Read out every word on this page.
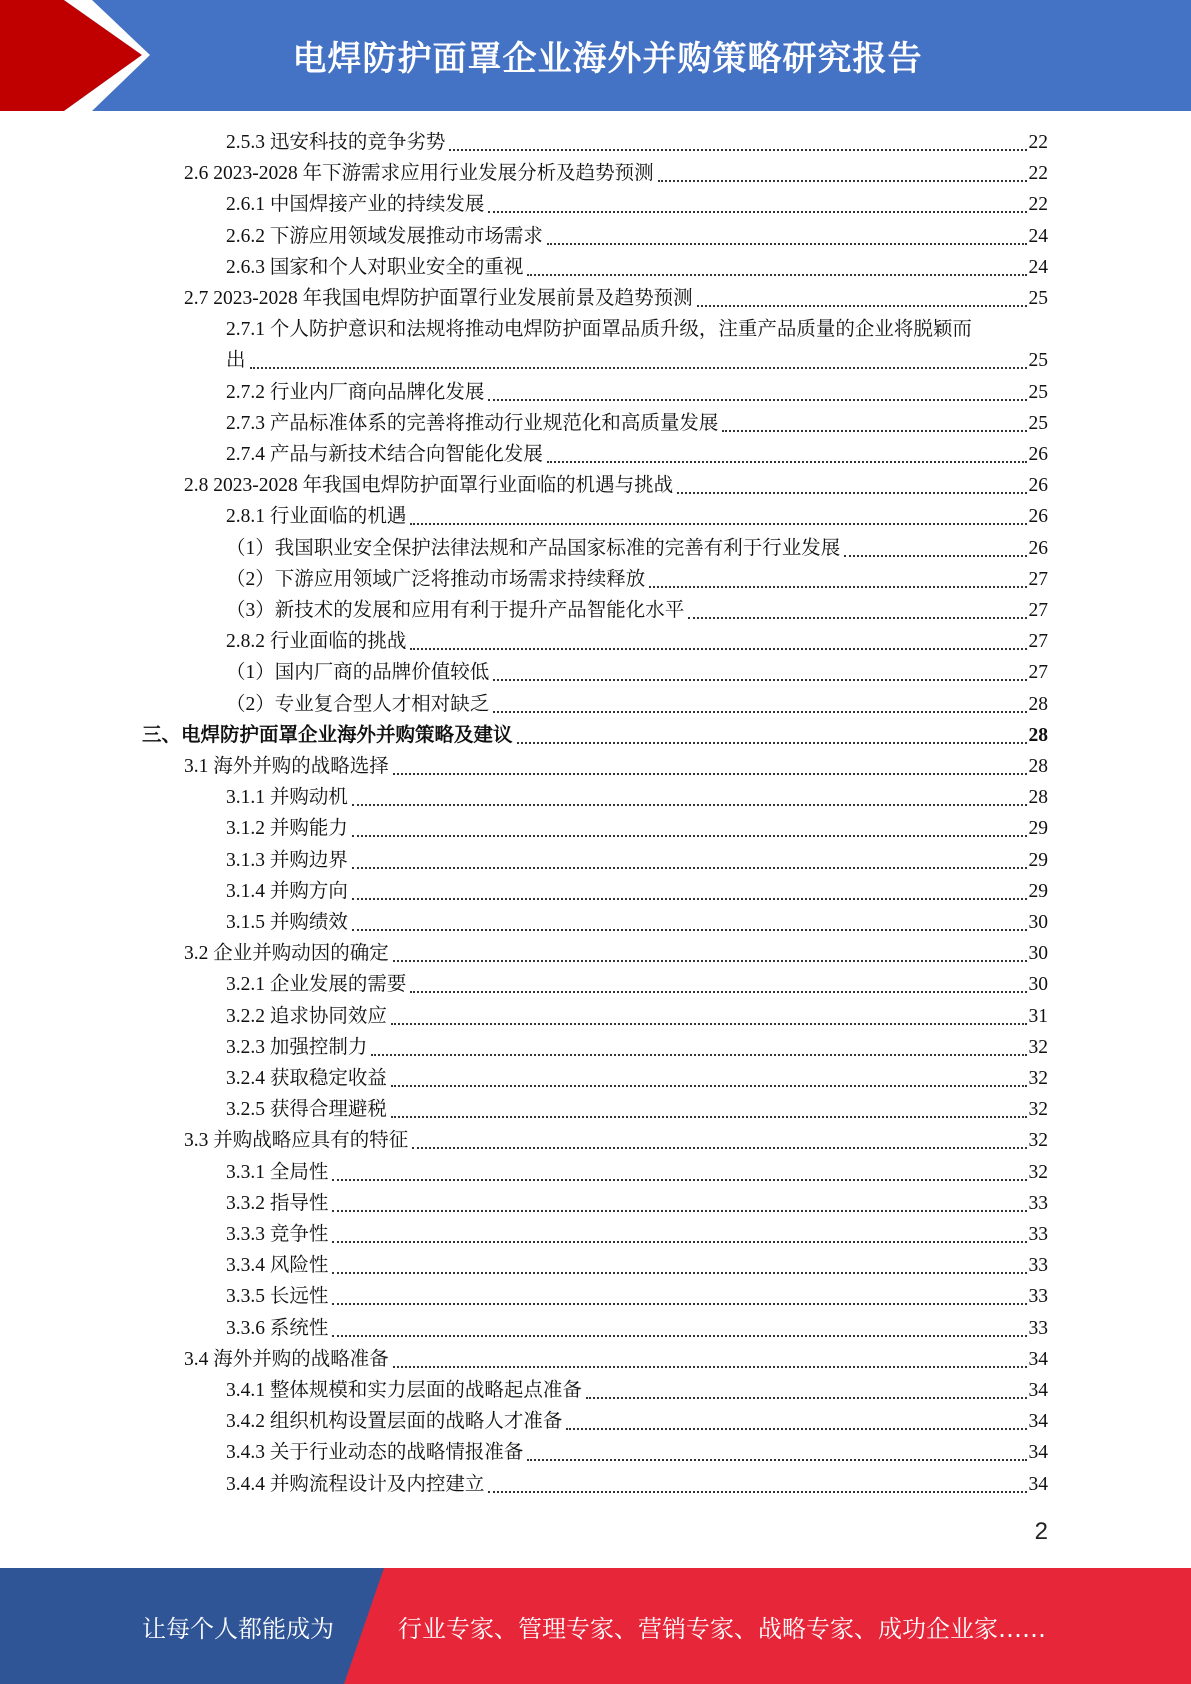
电焊防护面罩企业海外并购策略研究报告
2.5.3 迅安科技的竞争劣势	22
2.6 2023-2028 年下游需求应用行业发展分析及趋势预测	22
2.6.1 中国焊接产业的持续发展	22
2.6.2 下游应用领域发展推动市场需求	24
2.6.3 国家和个人对职业安全的重视	24
2.7 2023-2028 年我国电焊防护面罩行业发展前景及趋势预测	25
2.7.1 个人防护意识和法规将推动电焊防护面罩品质升级，注重产品质量的企业将脱颖而
出	25
2.7.2 行业内厂商向品牌化发展	25
2.7.3 产品标准体系的完善将推动行业规范化和高质量发展	25
2.7.4 产品与新技术结合向智能化发展	26
2.8 2023-2028 年我国电焊防护面罩行业面临的机遇与挑战	26
2.8.1 行业面临的机遇	26
（1）我国职业安全保护法律法规和产品国家标准的完善有利于行业发展	26
（2）下游应用领域广泛将推动市场需求持续释放	27
（3）新技术的发展和应用有利于提升产品智能化水平	27
2.8.2 行业面临的挑战	27
（1）国内厂商的品牌价值较低	27
（2）专业复合型人才相对缺乏	28
三、电焊防护面罩企业海外并购策略及建议	28
3.1 海外并购的战略选择	28
3.1.1 并购动机	28
3.1.2 并购能力	29
3.1.3 并购边界	29
3.1.4 并购方向	29
3.1.5 并购绩效	30
3.2 企业并购动因的确定	30
3.2.1 企业发展的需要	30
3.2.2 追求协同效应	31
3.2.3 加强控制力	32
3.2.4 获取稳定收益	32
3.2.5 获得合理避税	32
3.3 并购战略应具有的特征	32
3.3.1 全局性	32
3.3.2 指导性	33
3.3.3 竞争性	33
3.3.4 风险性	33
3.3.5 长远性	33
3.3.6 系统性	33
3.4 海外并购的战略准备	34
3.4.1 整体规模和实力层面的战略起点准备	34
3.4.2 组织机构设置层面的战略人才准备	34
3.4.3 关于行业动态的战略情报准备	34
3.4.4 并购流程设计及内控建立	34
2
让每个人都能成为	行业专家、管理专家、营销专家、战略专家、成功企业家……
